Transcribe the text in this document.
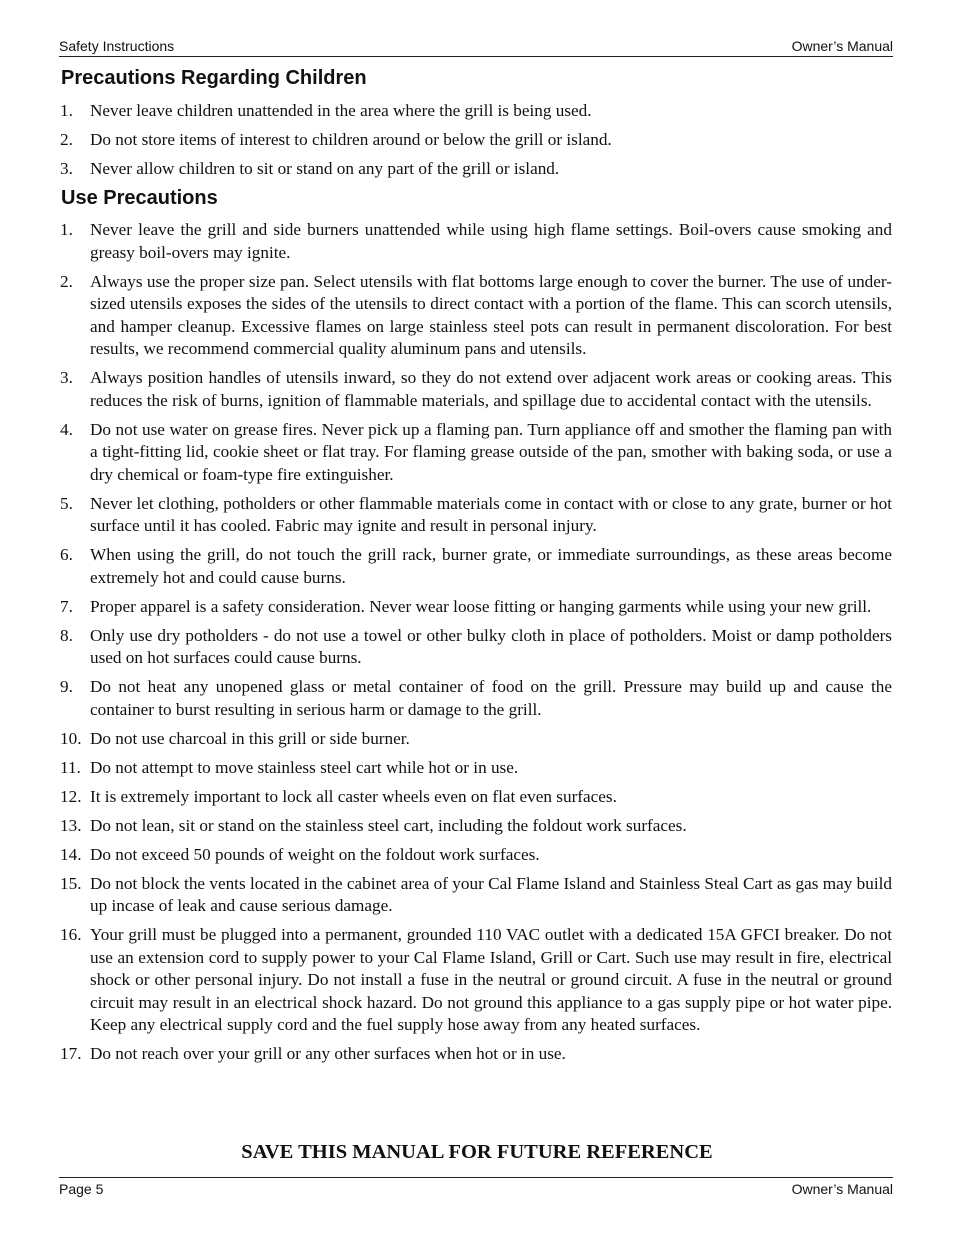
Safety Instructions	Owner’s Manual
Precautions Regarding Children
1. Never leave children unattended in the area where the grill is being used.
2. Do not store items of interest to children around or below the grill or island.
3. Never allow children to sit or stand on any part of the grill or island.
Use Precautions
1. Never leave the grill and side burners unattended while using high flame settings. Boil-overs cause smoking and greasy boil-overs may ignite.
2. Always use the proper size pan. Select utensils with flat bottoms large enough to cover the burner. The use of under-sized utensils exposes the sides of the utensils to direct contact with a portion of the flame. This can scorch utensils, and hamper cleanup. Excessive flames on large stainless steel pots can result in permanent discoloration. For best results, we recommend commercial quality aluminum pans and utensils.
3. Always position handles of utensils inward, so they do not extend over adjacent work areas or cooking areas. This reduces the risk of burns, ignition of flammable materials, and spillage due to accidental contact with the utensils.
4. Do not use water on grease fires. Never pick up a flaming pan. Turn appliance off and smother the flaming pan with a tight-fitting lid, cookie sheet or flat tray. For flaming grease outside of the pan, smother with baking soda, or use a dry chemical or foam-type fire extinguisher.
5. Never let clothing, potholders or other flammable materials come in contact with or close to any grate, burner or hot surface until it has cooled. Fabric may ignite and result in personal injury.
6. When using the grill, do not touch the grill rack, burner grate, or immediate surroundings, as these areas become extremely hot and could cause burns.
7. Proper apparel is a safety consideration. Never wear loose fitting or hanging garments while using your new grill.
8. Only use dry potholders - do not use a towel or other bulky cloth in place of potholders. Moist or damp potholders used on hot surfaces could cause burns.
9. Do not heat any unopened glass or metal container of food on the grill. Pressure may build up and cause the container to burst resulting in serious harm or damage to the grill.
10. Do not use charcoal in this grill or side burner.
11. Do not attempt to move stainless steel cart while hot or in use.
12. It is extremely important to lock all caster wheels even on flat even surfaces.
13. Do not lean, sit or stand on the stainless steel cart, including the foldout work surfaces.
14. Do not exceed 50 pounds of weight on the foldout work surfaces.
15. Do not block the vents located in the cabinet area of your Cal Flame Island and Stainless Steal Cart as gas may build up incase of leak and cause serious damage.
16. Your grill must be plugged into a permanent, grounded 110 VAC outlet with a dedicated 15A GFCI breaker. Do not use an extension cord to supply power to your Cal Flame Island, Grill or Cart. Such use may result in fire, electrical shock or other personal injury. Do not install a fuse in the neutral or ground circuit. A fuse in the neutral or ground circuit may result in an electrical shock hazard. Do not ground this appliance to a gas supply pipe or hot water pipe. Keep any electrical supply cord and the fuel supply hose away from any heated surfaces.
17. Do not reach over your grill or any other surfaces when hot or in use.
SAVE THIS MANUAL FOR FUTURE REFERENCE
Page 5	Owner’s Manual
